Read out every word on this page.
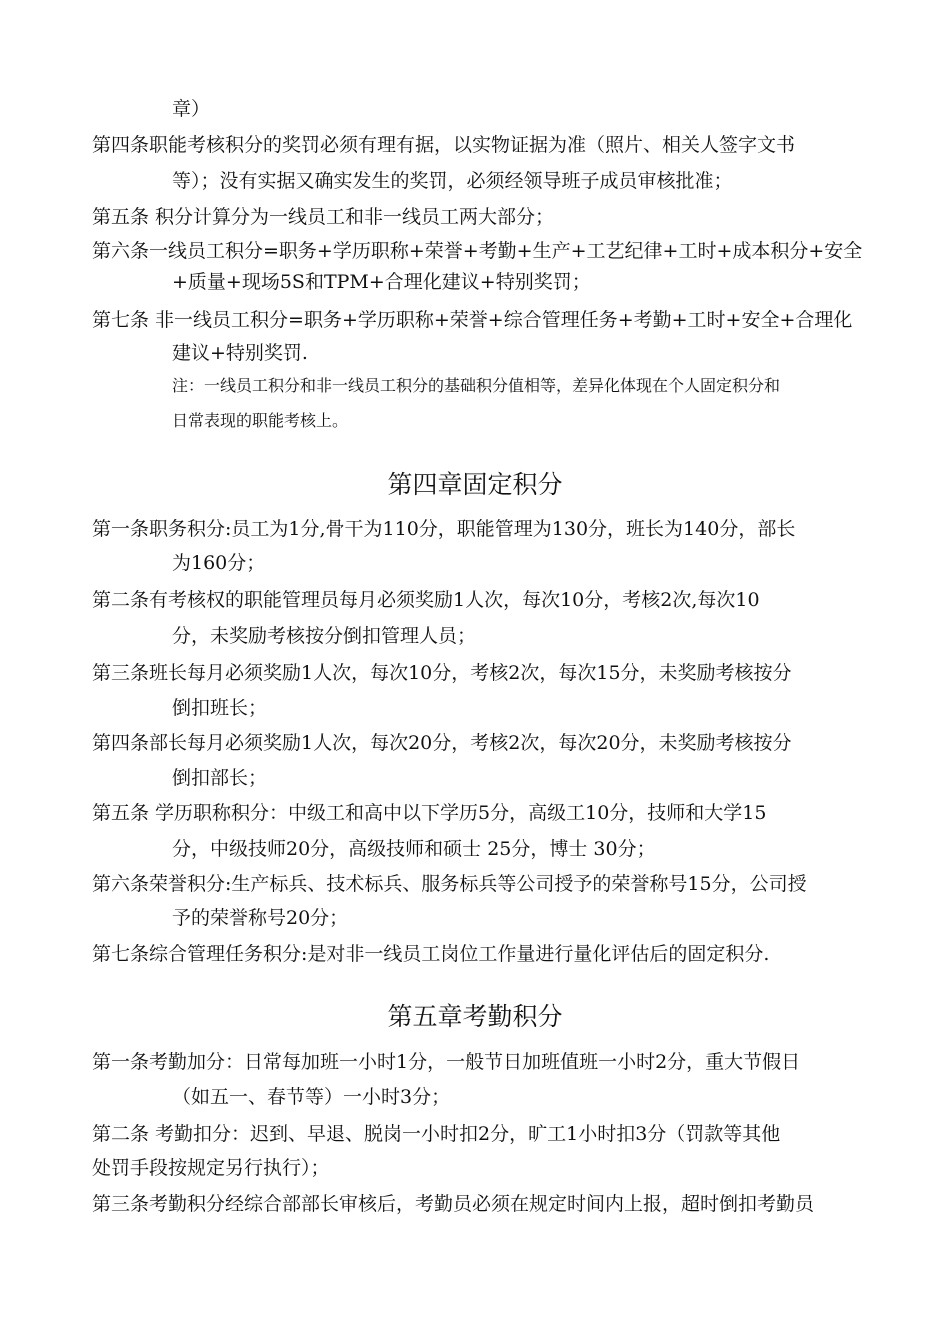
章）
第四条职能考核积分的奖罚必须有理有据，以实物证据为准（照片、相关人签字文书
等）；没有实据又确实发生的奖罚，必须经领导班子成员审核批准；
第五条 积分计算分为一线员工和非一线员工两大部分；
第六条一线员工积分=职务+学历职称+荣誉+考勤+生产+工艺纪律+工时+成本积分+安全
+质量+现场5S和TPM+合理化建议+特别奖罚；
第七条 非一线员工积分=职务+学历职称+荣誉+综合管理任务+考勤+工时+安全+合理化
建议+特别奖罚.
注：一线员工积分和非一线员工积分的基础积分值相等，差异化体现在个人固定积分和
日常表现的职能考核上。
第四章固定积分
第一条职务积分:员工为1分,骨干为110分，职能管理为130分，班长为140分，部长
为160分；
第二条有考核权的职能管理员每月必须奖励1人次，每次10分，考核2次,每次10
分，未奖励考核按分倒扣管理人员；
第三条班长每月必须奖励1人次，每次10分，考核2次，每次15分，未奖励考核按分
倒扣班长；
第四条部长每月必须奖励1人次，每次20分，考核2次，每次20分，未奖励考核按分
倒扣部长；
第五条 学历职称积分：中级工和高中以下学历5分，高级工10分，技师和大学15
分，中级技师20分，高级技师和硕士 25分，博士 30分；
第六条荣誉积分:生产标兵、技术标兵、服务标兵等公司授予的荣誉称号15分，公司授
予的荣誉称号20分；
第七条综合管理任务积分:是对非一线员工岗位工作量进行量化评估后的固定积分.
第五章考勤积分
第一条考勤加分：日常每加班一小时1分，一般节日加班值班一小时2分，重大节假日
（如五一、春节等）一小时3分；
第二条 考勤扣分：迟到、早退、脱岗一小时扣2分，旷工1小时扣3分（罚款等其他
处罚手段按规定另行执行）；
第三条考勤积分经综合部部长审核后，考勤员必须在规定时间内上报，超时倒扣考勤员
